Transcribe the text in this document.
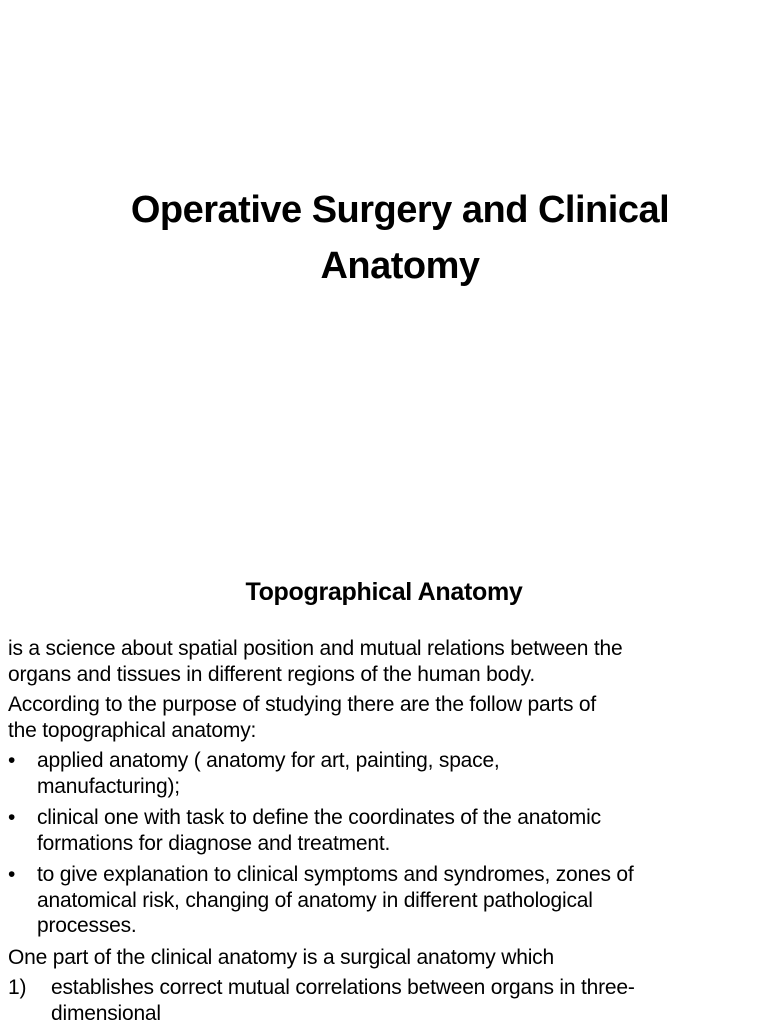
Operative Surgery and Clinical
Anatomy
Topographical Anatomy
is a science about spatial position and mutual relations between the
organs and tissues in different regions of the human body.
According to the purpose of studying there are the follow parts of
the topographical anatomy:
• applied anatomy ( anatomy for art, painting, space,
manufacturing);
• clinical one with task to define the coordinates of the anatomic
formations for diagnose and treatment.
• to give explanation to clinical symptoms and syndromes, zones of
anatomical risk, changing of anatomy in different pathological
processes.
One part of the clinical anatomy is a surgical anatomy which
1) establishes correct mutual correlations between organs in three-
dimensional
